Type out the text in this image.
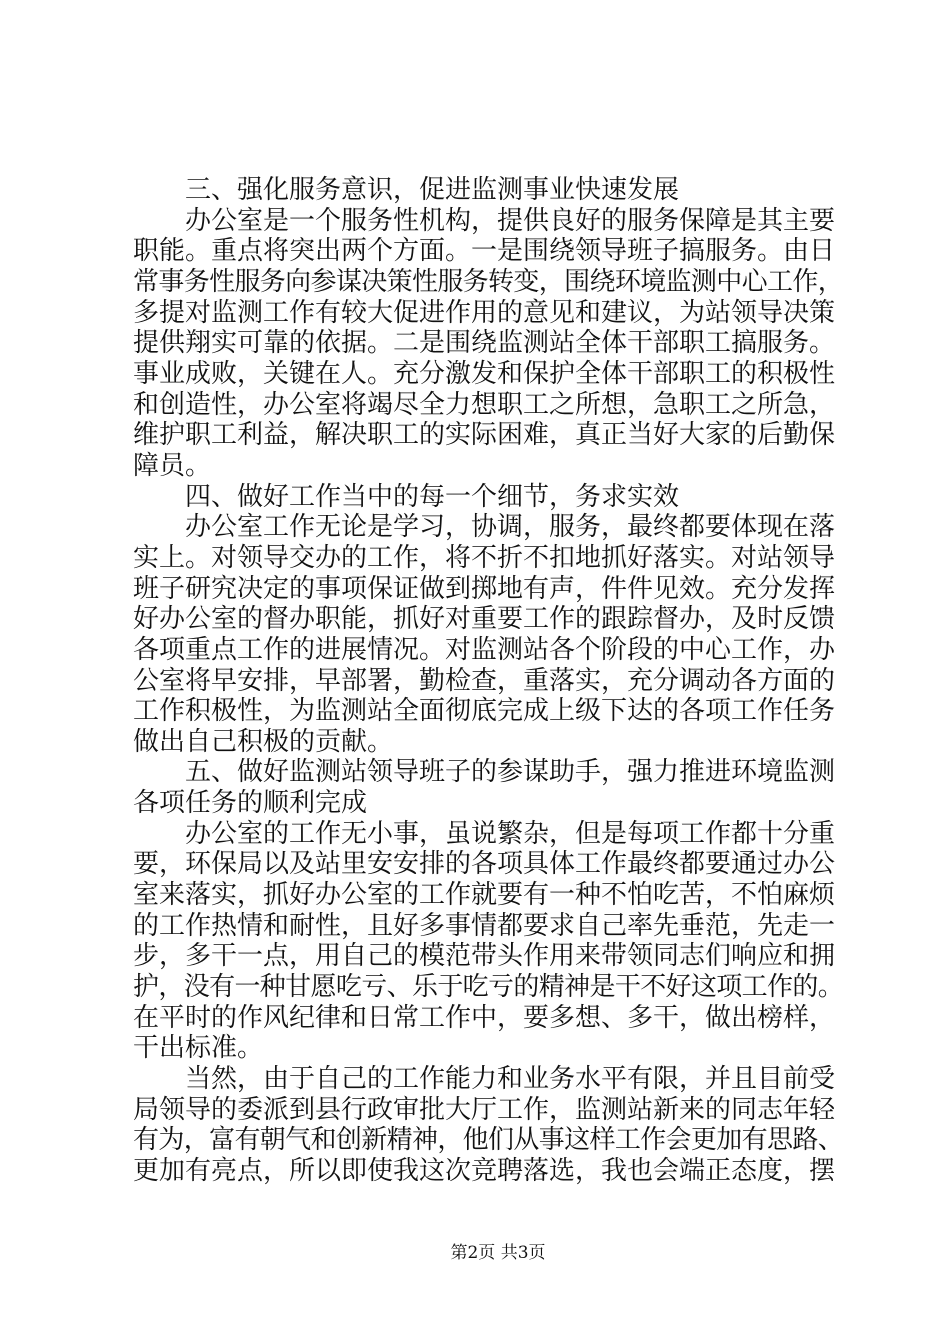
三、强化服务意识，促进监测事业快速发展
办公室是一个服务性机构，提供良好的服务保障是其主要
职能。重点将突出两个方面。一是围绕领导班子搞服务。由日
常事务性服务向参谋决策性服务转变，围绕环境监测中心工作，
多提对监测工作有较大促进作用的意见和建议，为站领导决策
提供翔实可靠的依据。二是围绕监测站全体干部职工搞服务。
事业成败，关键在人。充分激发和保护全体干部职工的积极性
和创造性，办公室将竭尽全力想职工之所想，急职工之所急，
维护职工利益，解决职工的实际困难，真正当好大家的后勤保
障员。
四、做好工作当中的每一个细节，务求实效
办公室工作无论是学习，协调，服务，最终都要体现在落
实上。对领导交办的工作，将不折不扣地抓好落实。对站领导
班子研究决定的事项保证做到掷地有声，件件见效。充分发挥
好办公室的督办职能，抓好对重要工作的跟踪督办，及时反馈
各项重点工作的进展情况。对监测站各个阶段的中心工作，办
公室将早安排，早部署，勤检查，重落实，充分调动各方面的
工作积极性，为监测站全面彻底完成上级下达的各项工作任务
做出自己积极的贡献。
五、做好监测站领导班子的参谋助手，强力推进环境监测
各项任务的顺利完成
办公室的工作无小事，虽说繁杂，但是每项工作都十分重
要，环保局以及站里安安排的各项具体工作最终都要通过办公
室来落实，抓好办公室的工作就要有一种不怕吃苦，不怕麻烦
的工作热情和耐性，且好多事情都要求自己率先垂范，先走一
步，多干一点，用自己的模范带头作用来带领同志们响应和拥
护，没有一种甘愿吃亏、乐于吃亏的精神是干不好这项工作的。
在平时的作风纪律和日常工作中，要多想、多干，做出榜样，
干出标准。
当然，由于自己的工作能力和业务水平有限，并且目前受
局领导的委派到县行政审批大厅工作，监测站新来的同志年轻
有为，富有朝气和创新精神，他们从事这样工作会更加有思路、
更加有亮点，所以即使我这次竞聘落选，我也会端正态度，摆
第2页 共3页
